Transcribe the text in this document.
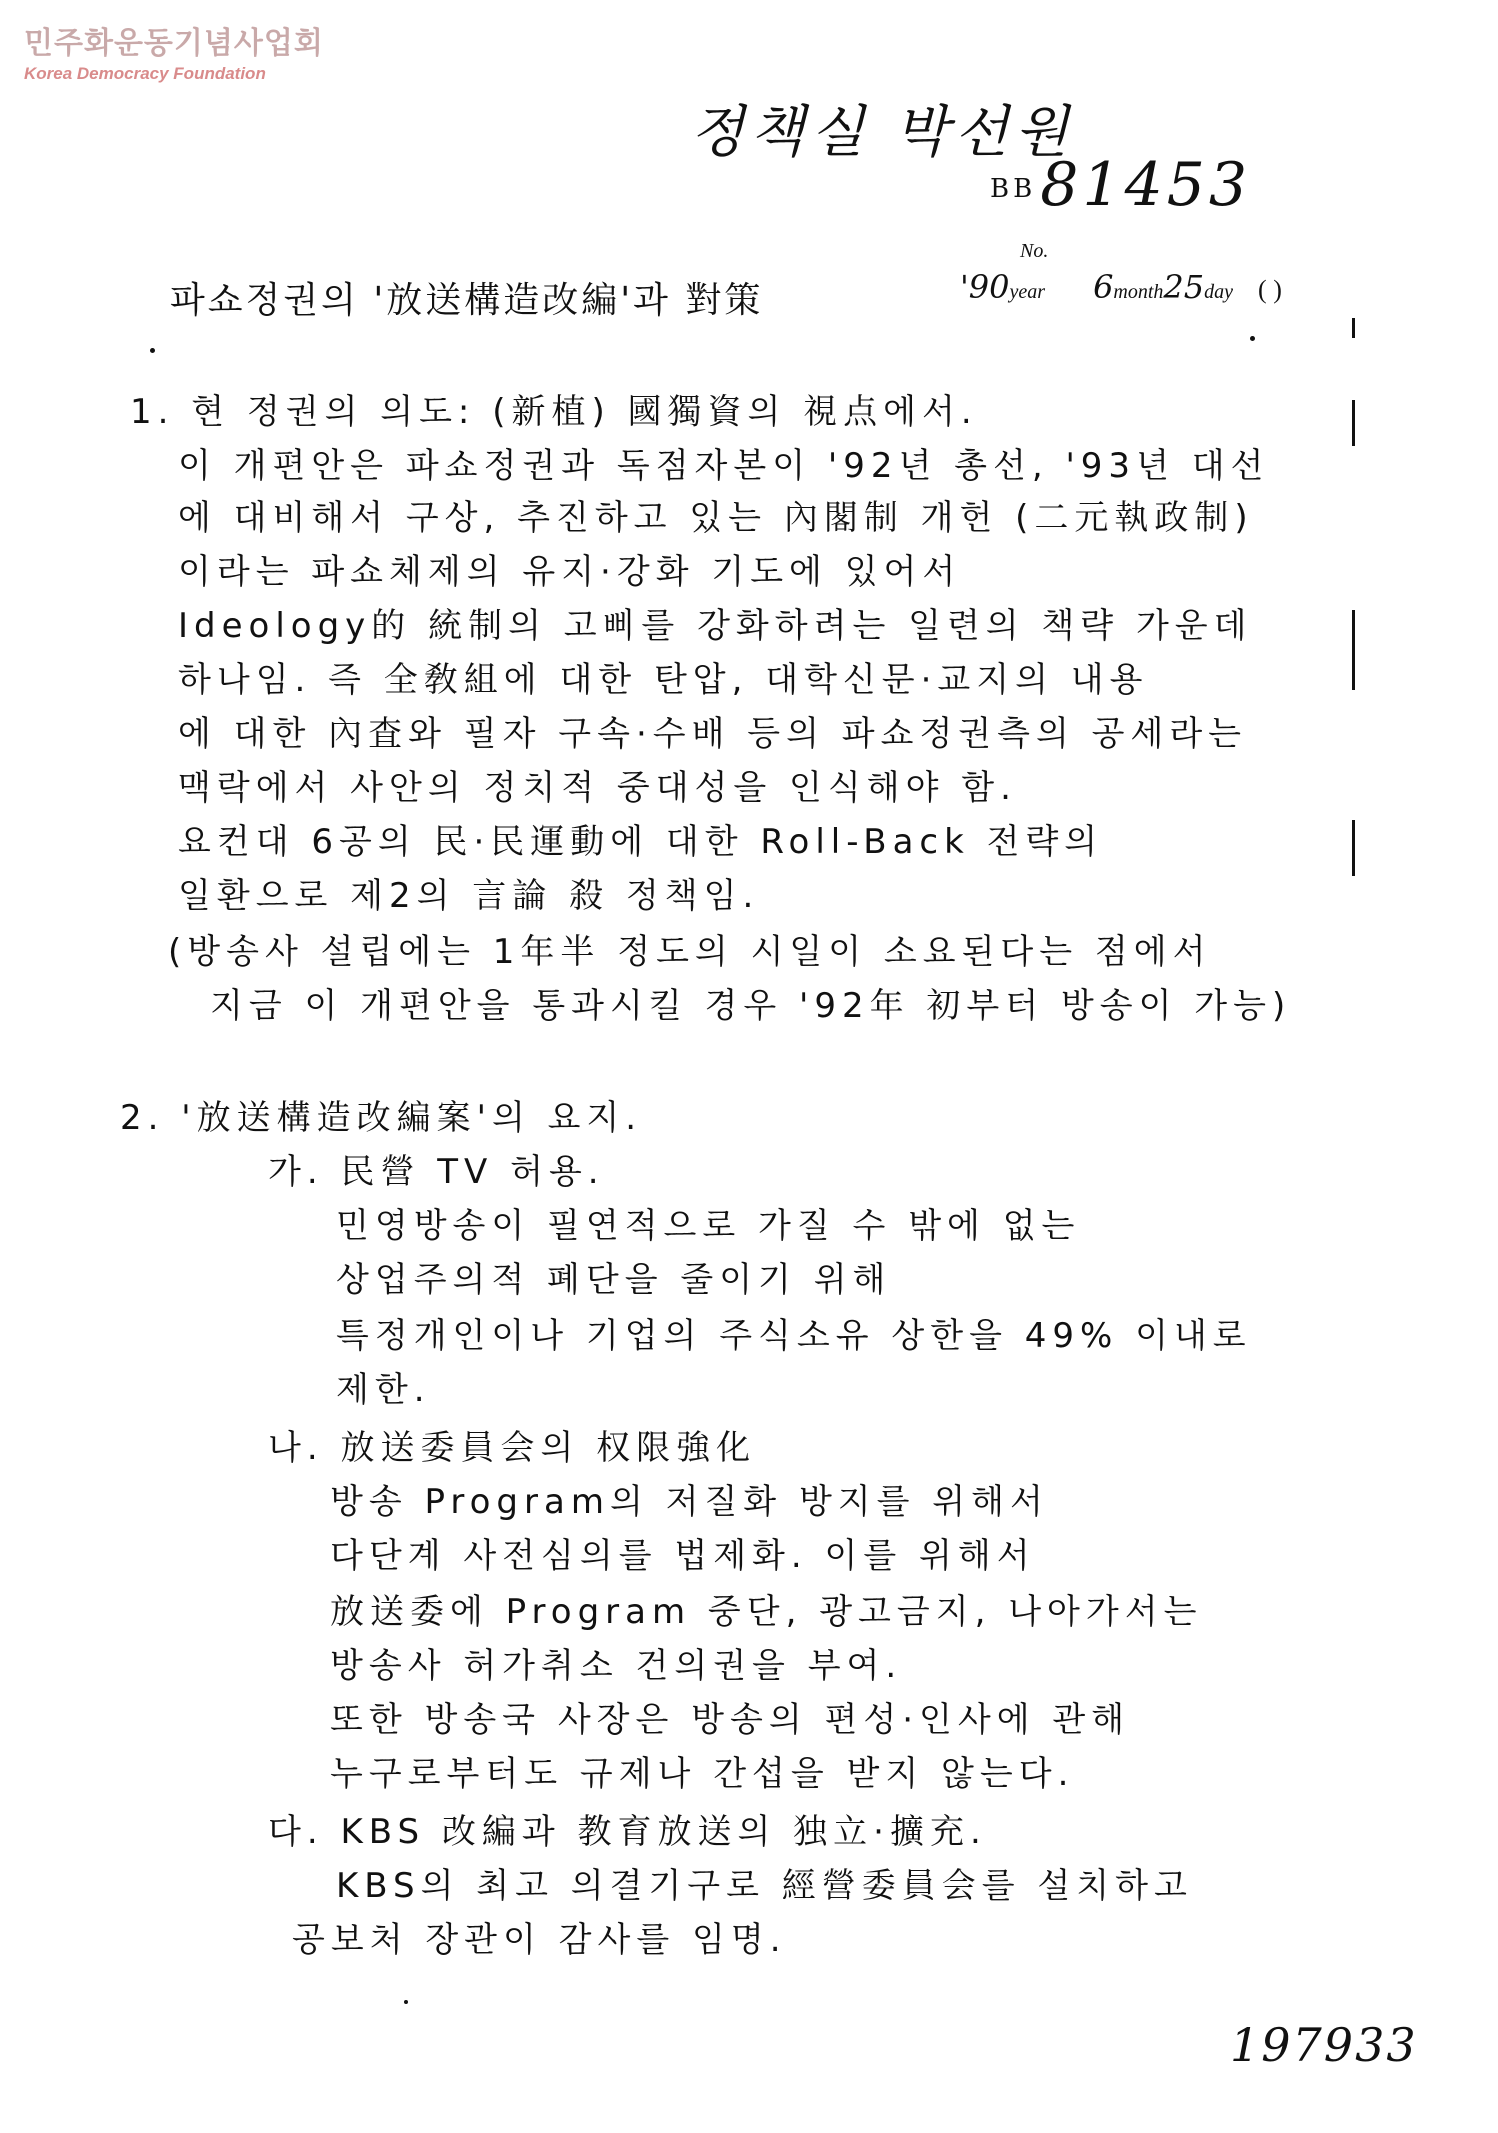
민주화운동기념사업회
Korea Democracy Foundation
정책실 박선원
BB81453
No.
'90year 6month25day ( )
파쇼정권의 '放送構造改編'과 對策
1. 현 정권의 의도: (新植) 國獨資의 視点에서.
이 개편안은 파쇼정권과 독점자본이 '92년 총선, '93년 대선
에 대비해서 구상, 추진하고 있는 內閣制 개헌 (二元執政制)
이라는 파쇼체제의 유지·강화 기도에 있어서
Ideology的 統制의 고삐를 강화하려는 일련의 책략 가운데
하나임. 즉 全敎組에 대한 탄압, 대학신문·교지의 내용
에 대한 內査와 필자 구속·수배 등의 파쇼정권측의 공세라는
맥락에서 사안의 정치적 중대성을 인식해야 함.
요컨대 6공의 民·民運動에 대한 Roll-Back 전략의
일환으로 제2의 言論 殺 정책임.
(방송사 설립에는 1年半 정도의 시일이 소요된다는 점에서
지금 이 개편안을 통과시킬 경우 '92年 初부터 방송이 가능)
2. '放送構造改編案'의 요지.
가. 民營 TV 허용.
민영방송이 필연적으로 가질 수 밖에 없는
상업주의적 폐단을 줄이기 위해
특정개인이나 기업의 주식소유 상한을 49% 이내로
제한.
나. 放送委員会의 权限強化
방송 Program의 저질화 방지를 위해서
다단계 사전심의를 법제화. 이를 위해서
放送委에 Program 중단, 광고금지, 나아가서는
방송사 허가취소 건의권을 부여.
또한 방송국 사장은 방송의 편성·인사에 관해
누구로부터도 규제나 간섭을 받지 않는다.
다. KBS 改編과 教育放送의 独立·擴充.
KBS의 최고 의결기구로 經營委員会를 설치하고
공보처 장관이 감사를 임명.
197933
